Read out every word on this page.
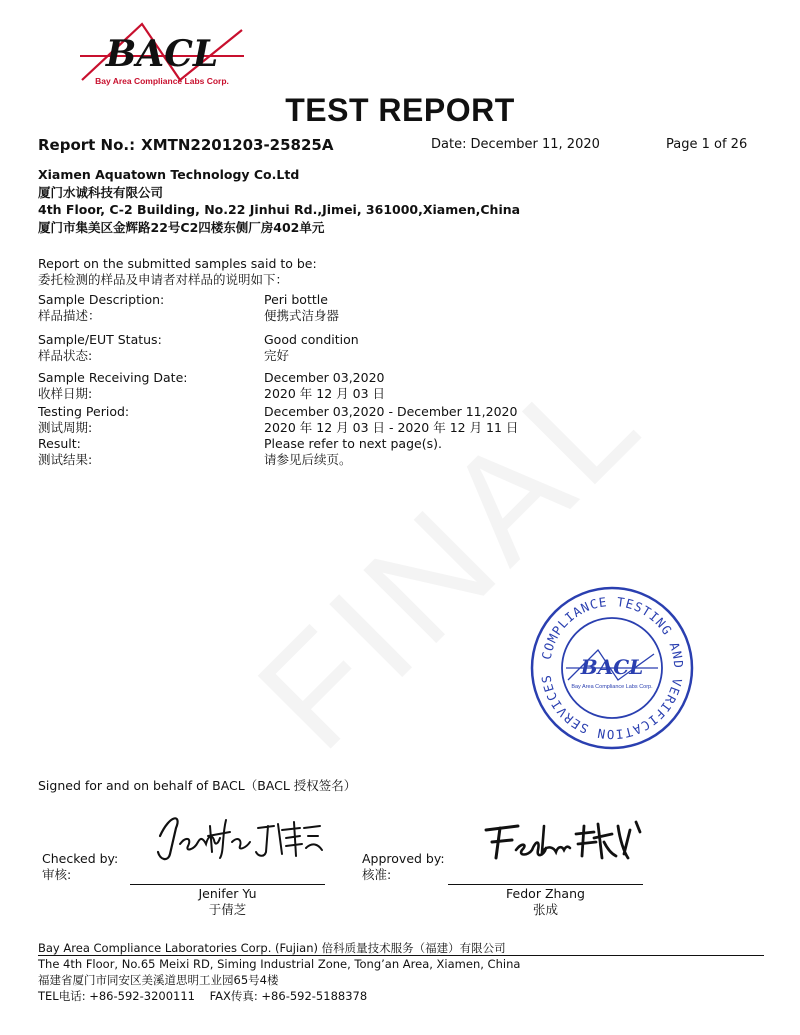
BACL
Bay Area Compliance Labs Corp.
TEST REPORT
Report No.: XMTN2201203-25825A	Date: December 11, 2020	Page 1 of 26
Xiamen Aquatown Technology Co.Ltd
厦门水诚科技有限公司
4th Floor, C-2 Building, No.22 Jinhui Rd.,Jimei, 361000,Xiamen,China
厦门市集美区金辉路22号C2四楼东侧厂房402单元
Report on the submitted samples said to be:
委托检测的样品及申请者对样品的说明如下：
Sample Description:	Peri bottle
样品描述：	便携式洁身器
Sample/EUT Status:	Good condition
样品状态:	完好
Sample Receiving Date:	December 03,2020
收样日期:	2020 年 12 月 03 日
Testing Period:	December 03,2020 - December 11,2020
测试周期:	2020 年 12 月 03 日 - 2020 年 12 月 11 日
Result:	Please refer to next page(s).
测试结果:	请参见后续页。
COMPLIANCE TESTING AND VERIFICATION SERVICES	BACL
Bay Area Compliance Labs Corp.
Signed for and on behalf of BACL（BACL 授权签名）
Checked by:
审核:
Jenifer Yu
于倩芝
Approved by:
核准:
Fedor Zhang
张成
Bay Area Compliance Laboratories Corp. (Fujian) 倍科质量技术服务（福建）有限公司
The 4th Floor, No.65 Meixi RD, Siming Industrial Zone, Tong’an Area, Xiamen, China
福建省厦门市同安区美溪道思明工业园65号4楼
TEL电话: +86-592-3200111    FAX传真: +86-592-5188378
